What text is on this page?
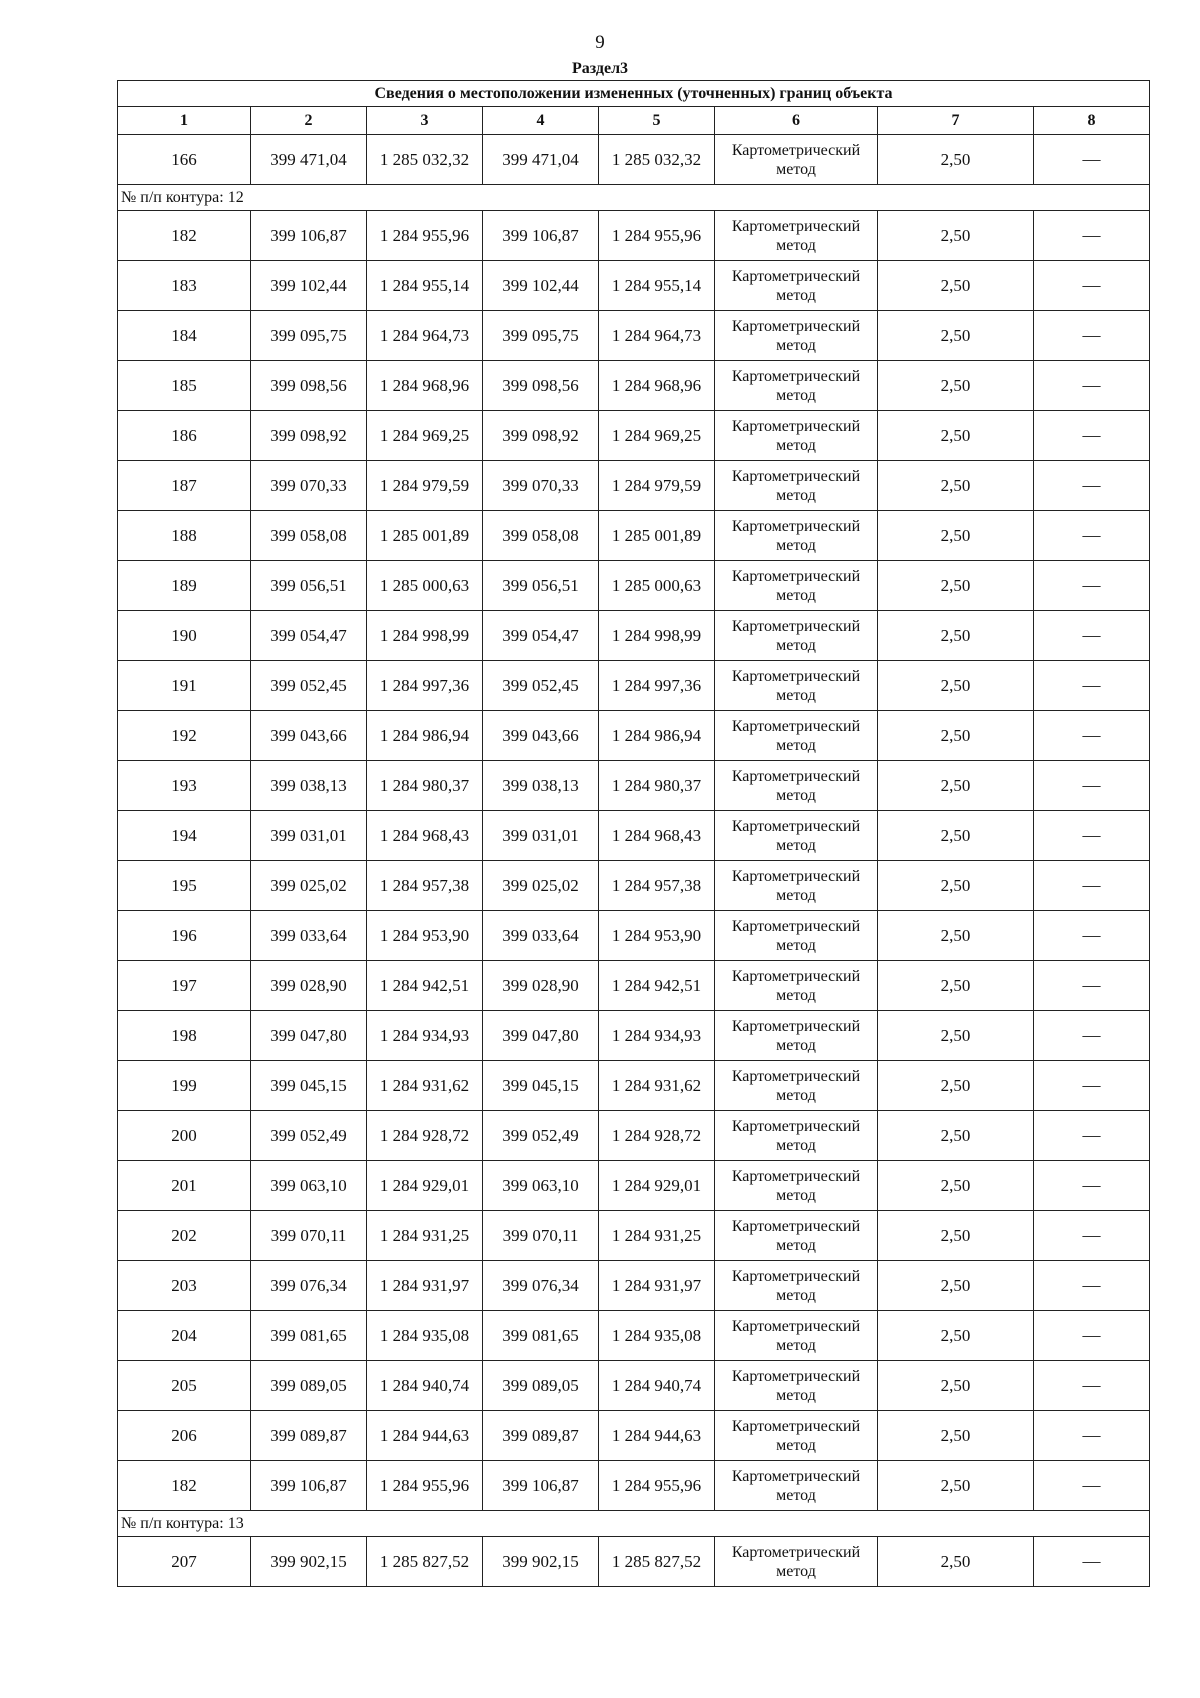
9
Раздел3
Сведения о местоположении измененных (уточненных) границ объекта							
1	2	3	4	5	6	7	8
166	399 471,04	1 285 032,32	399 471,04	1 285 032,32	Картометрический метод	2,50	—
№ п/п контура: 12							
182	399 106,87	1 284 955,96	399 106,87	1 284 955,96	Картометрический метод	2,50	—
183	399 102,44	1 284 955,14	399 102,44	1 284 955,14	Картометрический метод	2,50	—
184	399 095,75	1 284 964,73	399 095,75	1 284 964,73	Картометрический метод	2,50	—
185	399 098,56	1 284 968,96	399 098,56	1 284 968,96	Картометрический метод	2,50	—
186	399 098,92	1 284 969,25	399 098,92	1 284 969,25	Картометрический метод	2,50	—
187	399 070,33	1 284 979,59	399 070,33	1 284 979,59	Картометрический метод	2,50	—
188	399 058,08	1 285 001,89	399 058,08	1 285 001,89	Картометрический метод	2,50	—
189	399 056,51	1 285 000,63	399 056,51	1 285 000,63	Картометрический метод	2,50	—
190	399 054,47	1 284 998,99	399 054,47	1 284 998,99	Картометрический метод	2,50	—
191	399 052,45	1 284 997,36	399 052,45	1 284 997,36	Картометрический метод	2,50	—
192	399 043,66	1 284 986,94	399 043,66	1 284 986,94	Картометрический метод	2,50	—
193	399 038,13	1 284 980,37	399 038,13	1 284 980,37	Картометрический метод	2,50	—
194	399 031,01	1 284 968,43	399 031,01	1 284 968,43	Картометрический метод	2,50	—
195	399 025,02	1 284 957,38	399 025,02	1 284 957,38	Картометрический метод	2,50	—
196	399 033,64	1 284 953,90	399 033,64	1 284 953,90	Картометрический метод	2,50	—
197	399 028,90	1 284 942,51	399 028,90	1 284 942,51	Картометрический метод	2,50	—
198	399 047,80	1 284 934,93	399 047,80	1 284 934,93	Картометрический метод	2,50	—
199	399 045,15	1 284 931,62	399 045,15	1 284 931,62	Картометрический метод	2,50	—
200	399 052,49	1 284 928,72	399 052,49	1 284 928,72	Картометрический метод	2,50	—
201	399 063,10	1 284 929,01	399 063,10	1 284 929,01	Картометрический метод	2,50	—
202	399 070,11	1 284 931,25	399 070,11	1 284 931,25	Картометрический метод	2,50	—
203	399 076,34	1 284 931,97	399 076,34	1 284 931,97	Картометрический метод	2,50	—
204	399 081,65	1 284 935,08	399 081,65	1 284 935,08	Картометрический метод	2,50	—
205	399 089,05	1 284 940,74	399 089,05	1 284 940,74	Картометрический метод	2,50	—
206	399 089,87	1 284 944,63	399 089,87	1 284 944,63	Картометрический метод	2,50	—
182	399 106,87	1 284 955,96	399 106,87	1 284 955,96	Картометрический метод	2,50	—
№ п/п контура: 13							
207	399 902,15	1 285 827,52	399 902,15	1 285 827,52	Картометрический метод	2,50	—
